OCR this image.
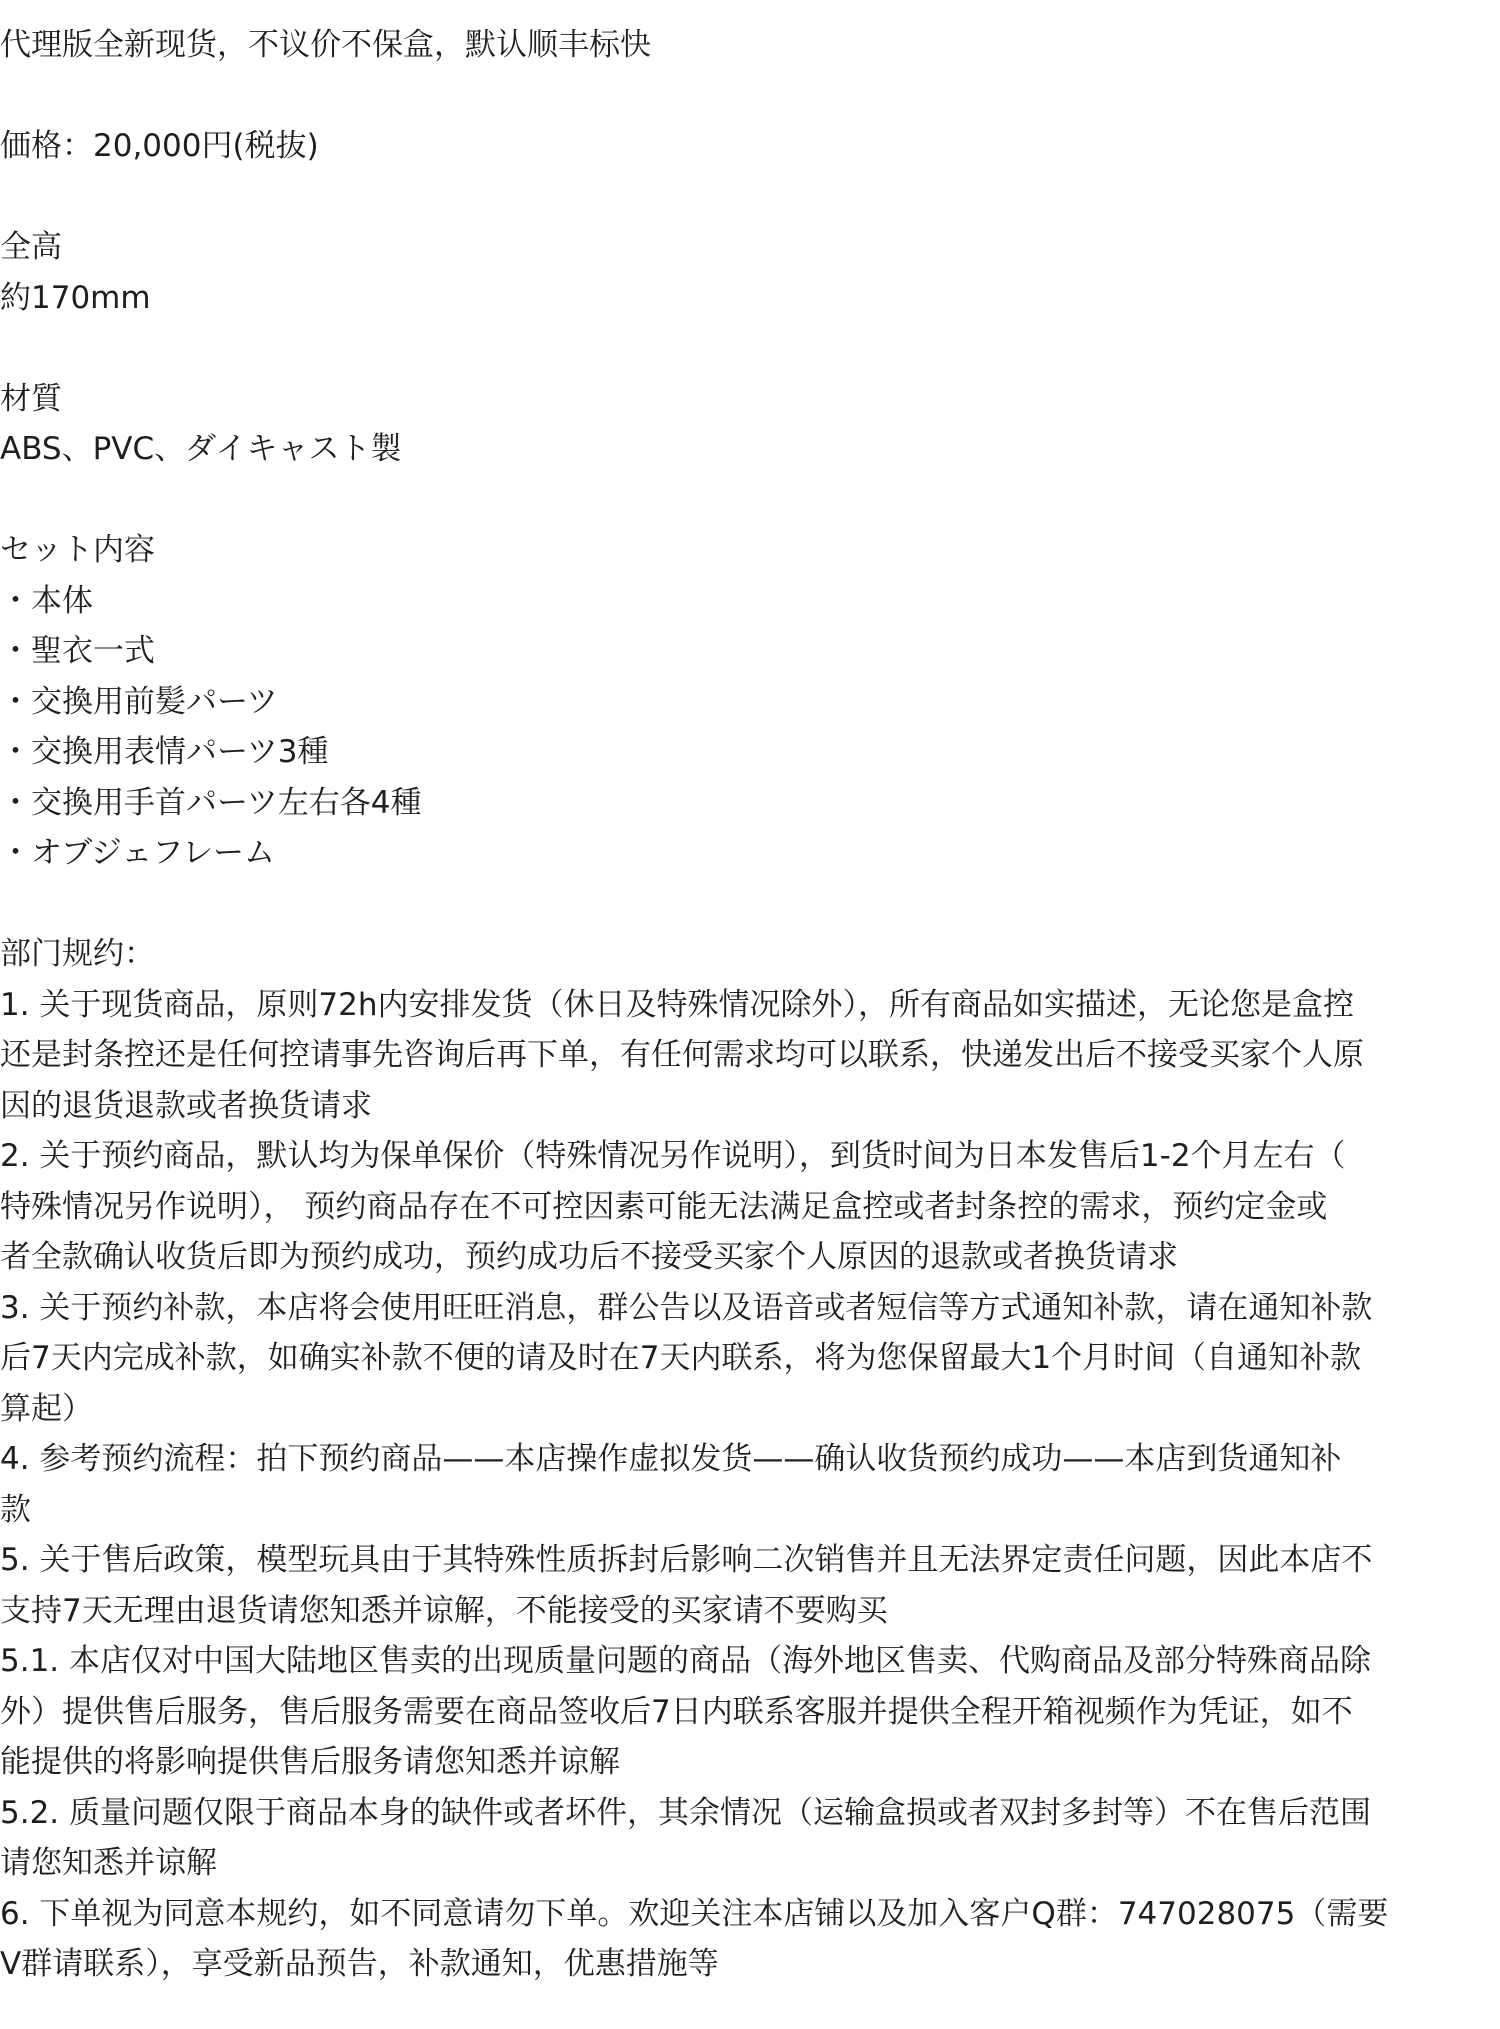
代理版全新现货，不议价不保盒，默认顺丰标快
価格：20,000円(税抜)
全高
約170mm
材質
ABS、PVC、ダイキャスト製
セット内容
・本体
・聖衣一式
・交換用前髪パーツ
・交換用表情パーツ3種
・交換用手首パーツ左右各4種
・オブジェフレーム
部门规约：
1. 关于现货商品，原则72h内安排发货（休日及特殊情况除外），所有商品如实描述，无论您是盒控
还是封条控还是任何控请事先咨询后再下单，有任何需求均可以联系，快递发出后不接受买家个人原
因的退货退款或者换货请求
2. 关于预约商品，默认均为保单保价（特殊情况另作说明），到货时间为日本发售后1-2个月左右（
特殊情况另作说明）， 预约商品存在不可控因素可能无法满足盒控或者封条控的需求，预约定金或
者全款确认收货后即为预约成功，预约成功后不接受买家个人原因的退款或者换货请求
3. 关于预约补款，本店将会使用旺旺消息，群公告以及语音或者短信等方式通知补款，请在通知补款
后7天内完成补款，如确实补款不便的请及时在7天内联系，将为您保留最大1个月时间（自通知补款
算起）
4. 参考预约流程：拍下预约商品——本店操作虚拟发货——确认收货预约成功——本店到货通知补
款
5. 关于售后政策，模型玩具由于其特殊性质拆封后影响二次销售并且无法界定责任问题，因此本店不
支持7天无理由退货请您知悉并谅解，不能接受的买家请不要购买
5.1. 本店仅对中国大陆地区售卖的出现质量问题的商品（海外地区售卖、代购商品及部分特殊商品除
外）提供售后服务，售后服务需要在商品签收后7日内联系客服并提供全程开箱视频作为凭证，如不
能提供的将影响提供售后服务请您知悉并谅解
5.2. 质量问题仅限于商品本身的缺件或者坏件，其余情况（运输盒损或者双封多封等）不在售后范围
请您知悉并谅解
6. 下单视为同意本规约，如不同意请勿下单。欢迎关注本店铺以及加入客户Q群：747028075（需要
V群请联系），享受新品预告，补款通知，优惠措施等
